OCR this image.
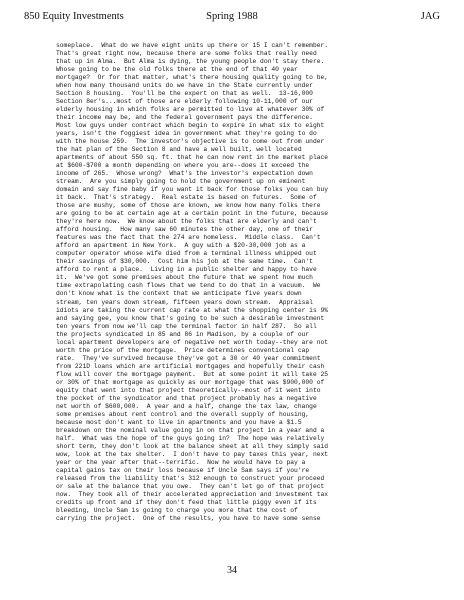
850 Equity Investments	Spring 1988	JAG
someplace.  What do we have eight units up there or 15 I can't remember.
That's great right now, because there are some folks that really need
that up in Alma.  But Alma is dying, the young people don't stay there.
Whose going to be the old folks there at the end of that 40 year
mortgage?  Or for that matter, what's there housing quality going to be,
when how many thousand units do we have in the State currently under
Section 8 housing.  You'll be the expert on that as well.  13-16,000
Section 8er's...most of those are elderly following 10-11,000 of our
elderly housing in which folks are permitted to live at whatever 30% of
their income may be, and the federal government pays the difference.
Most low guys under contract which begin to expire in what six to eight
years, isn't the foggiest idea in government what they're going to do
with the house 259.  The investor's objective is to come out from under
the hat plan of the Section 8 and have a well built, well located
apartments of about 550 sq. ft. that he can now rent in the market place
at $600-$700 a month depending on where you are--does it exceed the
income of 265.  Whose wrong?  What's the investor's expectation down
stream.  Are you simply going to hold the government up on eminent
domain and say fine baby if you want it back for those folks you can buy
it back.  That's strategy.  Real estate is based on futures.  Some of
those are mushy, some of those are known, we know how many folks there
are going to be at certain age at a certain point in the future, because
they're here now.  We know about the folks that are elderly and can't
afford housing.  How many saw 60 minutes the other day, one of their
features was the fact that the 274 are homeless.  Middle class.  Can't
afford an apartment in New York.  A guy with a $20-30,000 job as a
computer operator whose wife died from a terminal illness whipped out
their savings of $30,000.  Cost him his job at the same time.  Can't
afford to rent a place.  Living in a public shelter and happy to have
it.  We've got some premises about the future that we spent how much
time extrapolating cash flows that we tend to do that in a vacuum.  We
don't know what is the context that we anticipate five years down
stream, ten years down stream, fifteen years down stream.  Appraisal
idiots are taking the current cap rate at what the shopping center is 9%
and saying gee, you know that's going to be such a desirable investment
ten years from now we'll cap the terminal factor in half 287.  So all
the projects syndicated in 85 and 86 in Madison, by a couple of our
local apartment developers are of negative net worth today--they are not
worth the price of the mortgage.  Price determines conventional cap
rate.  They've survived because they've got a 30 or 40 year commitment
from 221D loans which are artificial mortgages and hopefully their cash
flow will cover the mortgage payment.  But at some point it will take 25
or 30% of that mortgage as quickly as our mortgage that was $900,000 of
equity that went into that project theoretically--most of it went into
the pocket of the syndicator and that project probably has a negative
net worth of $600,000.  A year and a half, change the tax law, change
some premises about rent control and the overall supply of housing,
because most don't want to live in apartments and you have a $1.5
breakdown on the nominal value going in on that project in a year and a
half.  What was the hope of the guys going in?  The hope was relatively
short term, they don't look at the balance sheet at all they simply said
wow, look at the tax shelter.  I don't have to pay taxes this year, next
year or the year after that--terrific.  Now he would have to pay a
capital gains tax on their loss because if Uncle Sam says if you're
released from the liability that's 312 enough to construct your proceed
or sale at the balance that you owe.  They can't let go of that project
now.  They took all of their accelerated appreciation and investment tax
credits up front and if they don't feed that little piggy even if its
bleeding, Uncle Sam is going to charge you more that the cost of
carrying the project.  One of the results, you have to have some sense
34
